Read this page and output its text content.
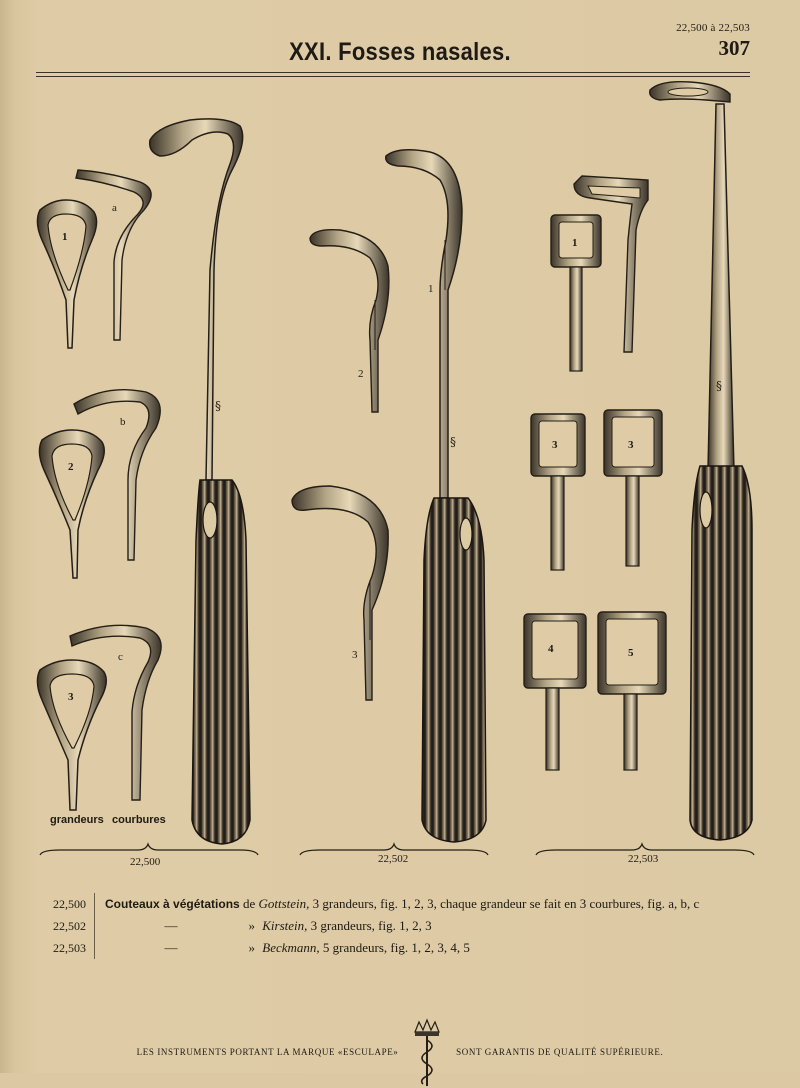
22,500 à 22,503
307
XXI. Fosses nasales.
1
a
2
b
3
c
§
grandeurs courbures
22,500
2
3
§
1
22,502
1
3	3
4	5
§
22,503
22,500	Couteaux à végétations de Gottstein, 3 grandeurs, fig. 1, 2, 3, chaque grandeur se fait en 3 courbures, fig. a, b, c
22,502	—	» Kirstein, 3 grandeurs, fig. 1, 2, 3
22,503	—	» Beckmann, 5 grandeurs, fig. 1, 2, 3, 4, 5
LES INSTRUMENTS PORTANT LA MARQUE «ESCULAPE»	SONT GARANTIS DE QUALITÉ SUPÉRIEURE.
